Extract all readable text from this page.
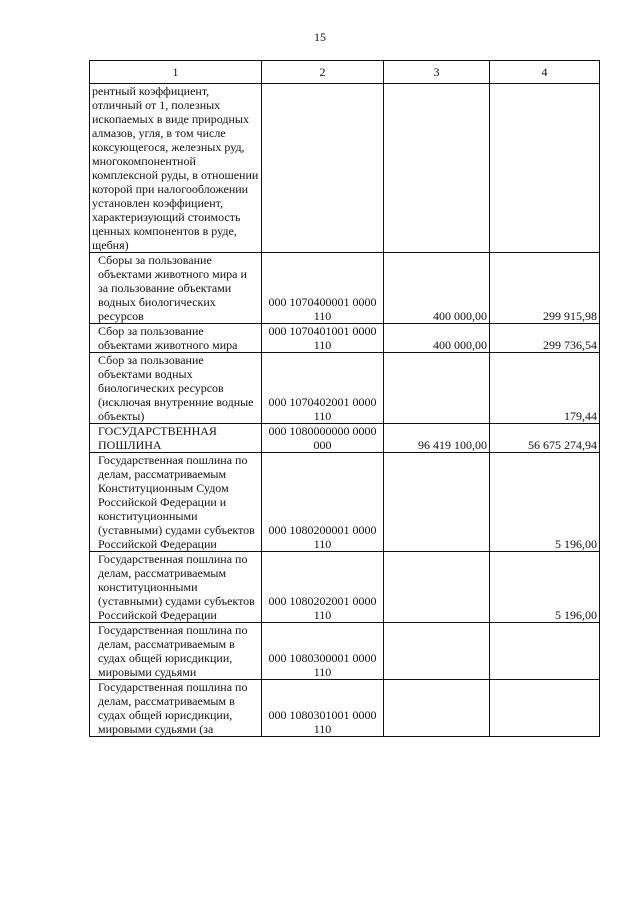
15
1	2	3	4
рентный коэффициент, отличный от 1, полезных ископаемых в виде природных алмазов, угля, в том числе коксующегося, железных руд, многокомпонентной комплексной руды, в отношении которой при налогообложении установлен коэффициент, характеризующий стоимость ценных компонентов в руде, щебня)			

Сборы за пользование объектами животного мира и за пользование объектами водных биологических ресурсов	000 1070400001 0000 110	400 000,00	299 915,98

Сбор за пользование объектами животного мира	000 1070401001 0000 110	400 000,00	299 736,54

Сбор за пользование объектами водных биологических ресурсов (исключая внутренние водные объекты)	000 1070402001 0000 110		179,44

ГОСУДАРСТВЕННАЯ ПОШЛИНА	000 1080000000 0000 000	96 419 100,00	56 675 274,94

Государственная пошлина по делам, рассматриваемым Конституционным Судом Российской Федерации и конституционными (уставными) судами субъектов Российской Федерации	000 1080200001 0000 110		5 196,00

Государственная пошлина по делам, рассматриваемым конституционными (уставными) судами субъектов Российской Федерации	000 1080202001 0000 110		5 196,00

Государственная пошлина по делам, рассматриваемым в судах общей юрисдикции, мировыми судьями	000 1080300001 0000 110		

Государственная пошлина по делам, рассматриваемым в судах общей юрисдикции, мировыми судьями (за	000 1080301001 0000 110		
